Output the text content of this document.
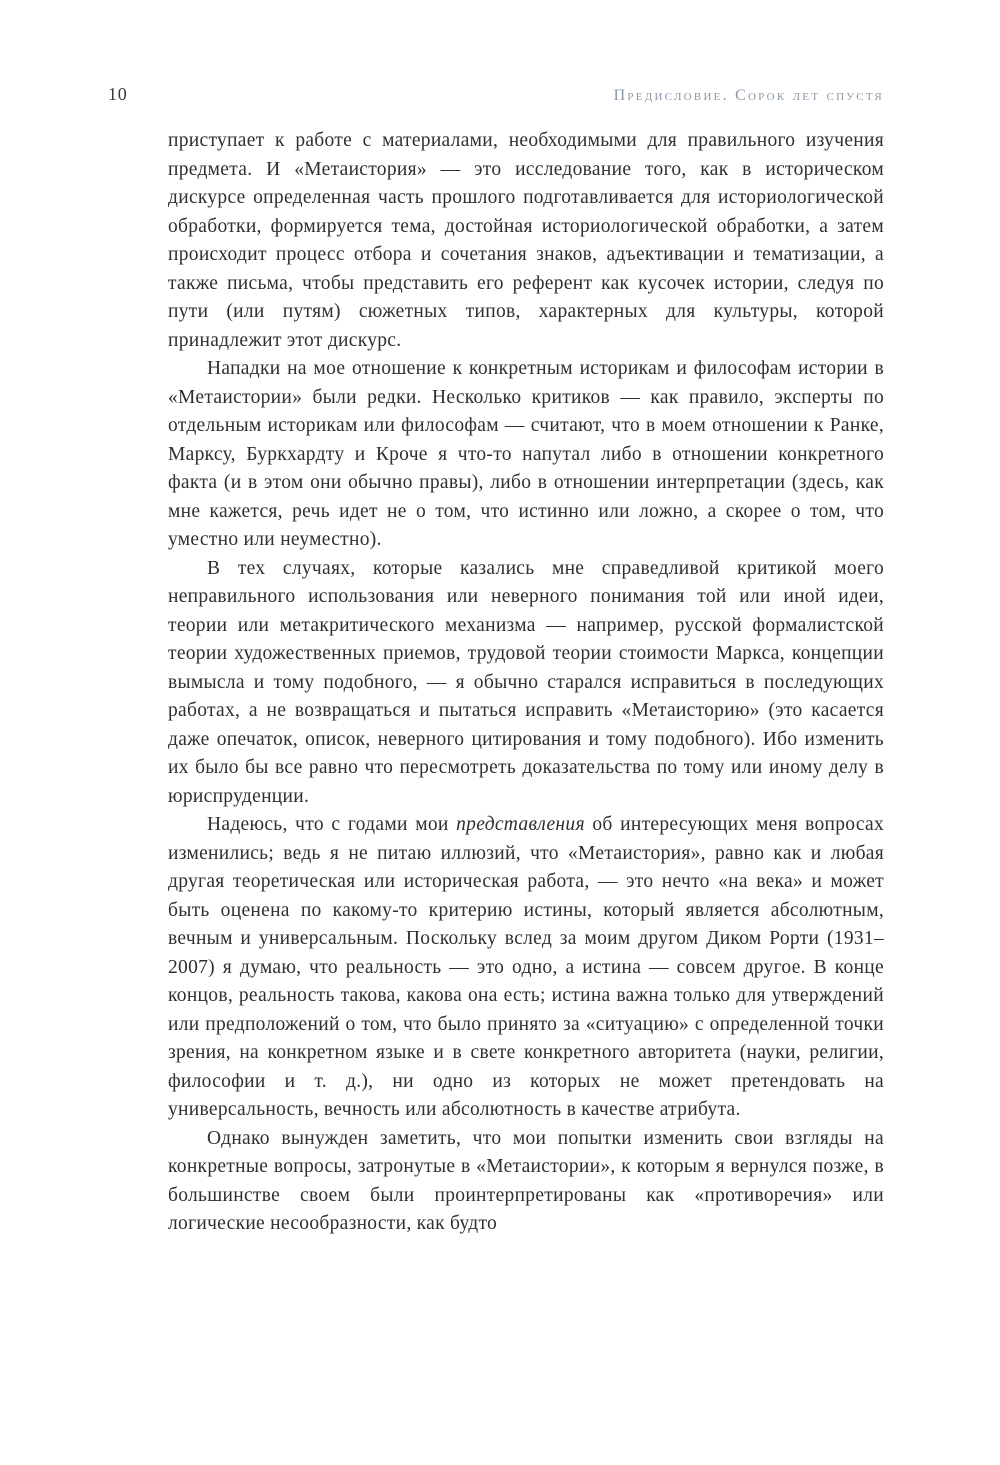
10	Предисловие. Сорок лет спустя

приступает к работе с материалами, необходимыми для правильного изучения предмета. И «Метаистория» — это исследование того, как в историческом дискурсе определенная часть прошлого подготавливается для историологической обработки, формируется тема, достойная историологической обработки, а затем происходит процесс отбора и сочетания знаков, адъективации и тематизации, а также письма, чтобы представить его референт как кусочек истории, следуя по пути (или путям) сюжетных типов, характерных для культуры, которой принадлежит этот дискурс.

Нападки на мое отношение к конкретным историкам и философам истории в «Метаистории» были редки. Несколько критиков — как правило, эксперты по отдельным историкам или философам — считают, что в моем отношении к Ранке, Марксу, Буркхардту и Кроче я что-то напутал либо в отношении конкретного факта (и в этом они обычно правы), либо в отношении интерпретации (здесь, как мне кажется, речь идет не о том, что истинно или ложно, а скорее о том, что уместно или неуместно).

В тех случаях, которые казались мне справедливой критикой моего неправильного использования или неверного понимания той или иной идеи, теории или метакритического механизма — например, русской формалистской теории художественных приемов, трудовой теории стоимости Маркса, концепции вымысла и тому подобного, — я обычно старался исправиться в последующих работах, а не возвращаться и пытаться исправить «Метаисторию» (это касается даже опечаток, описок, неверного цитирования и тому подобного). Ибо изменить их было бы все равно что пересмотреть доказательства по тому или иному делу в юриспруденции.

Надеюсь, что с годами мои представления об интересующих меня вопросах изменились; ведь я не питаю иллюзий, что «Метаистория», равно как и любая другая теоретическая или историческая работа, — это нечто «на века» и может быть оценена по какому-то критерию истины, который является абсолютным, вечным и универсальным. Поскольку вслед за моим другом Диком Рорти (1931–2007) я думаю, что реальность — это одно, а истина — совсем другое. В конце концов, реальность такова, какова она есть; истина важна только для утверждений или предположений о том, что было принято за «ситуацию» с определенной точки зрения, на конкретном языке и в свете конкретного авторитета (науки, религии, философии и т. д.), ни одно из которых не может претендовать на универсальность, вечность или абсолютность в качестве атрибута.

Однако вынужден заметить, что мои попытки изменить свои взгляды на конкретные вопросы, затронутые в «Метаистории», к которым я вернулся позже, в большинстве своем были проинтерпретированы как «противоречия» или логические несообразности, как будто
